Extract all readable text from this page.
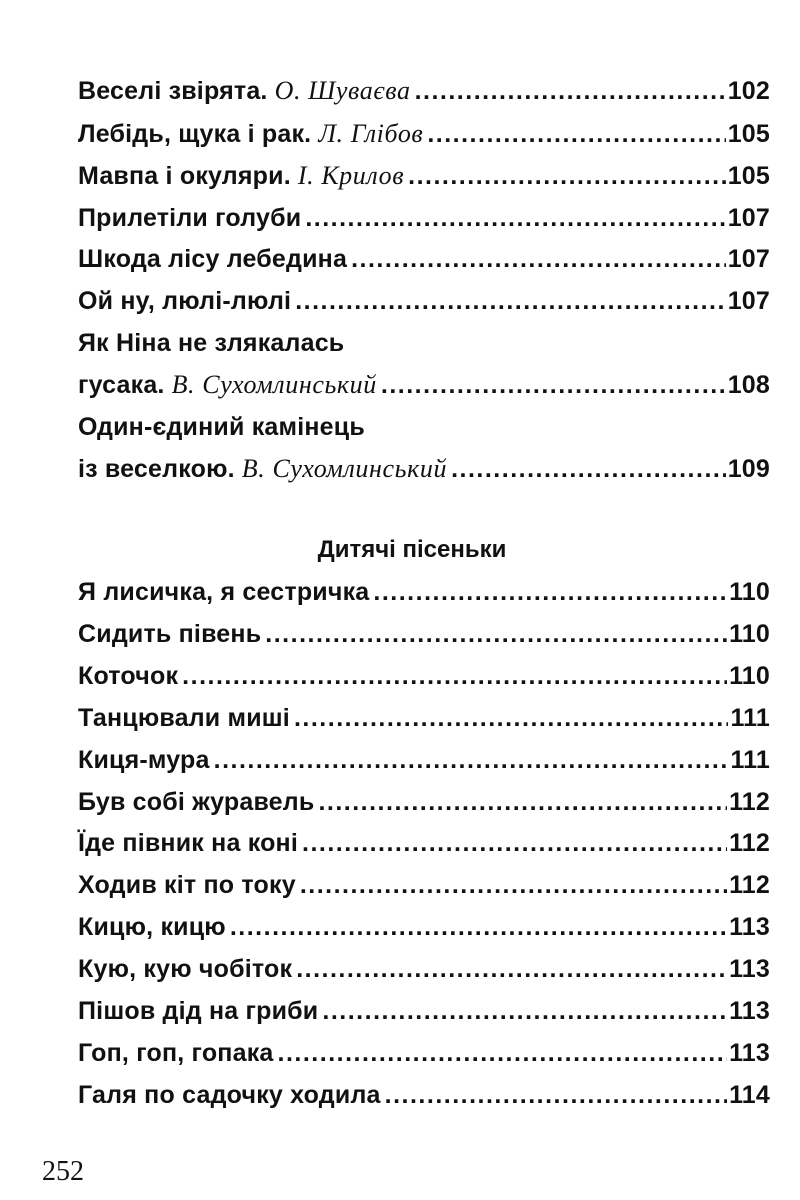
Веселі звірята. О. Шуваєва .....	102
Лебідь, щука і рак. Л. Глібов .....	105
Мавпа і окуляри. І. Крилов .....	105
Прилетіли голуби .....	107
Шкода лісу лебедина .....	107
Ой ну, люлі-люлі .....	107
Як Ніна не злякалась
гусака. В. Сухомлинський .....	108
Один-єдиний камінець
із веселкою. В. Сухомлинський .....	109
Дитячі пісеньки
Я лисичка, я сестричка .....	110
Сидить півень .....	110
Коточок .....	110
Танцювали миші .....	111
Киця-мура .....	111
Був собі журавель .....	112
Їде півник на коні .....	112
Ходив кіт по току .....	112
Кицю, кицю .....	113
Кую, кую чобіток .....	113
Пішов дід на гриби .....	113
Гоп, гоп, гопака .....	113
Галя по садочку ходила .....	114
252
